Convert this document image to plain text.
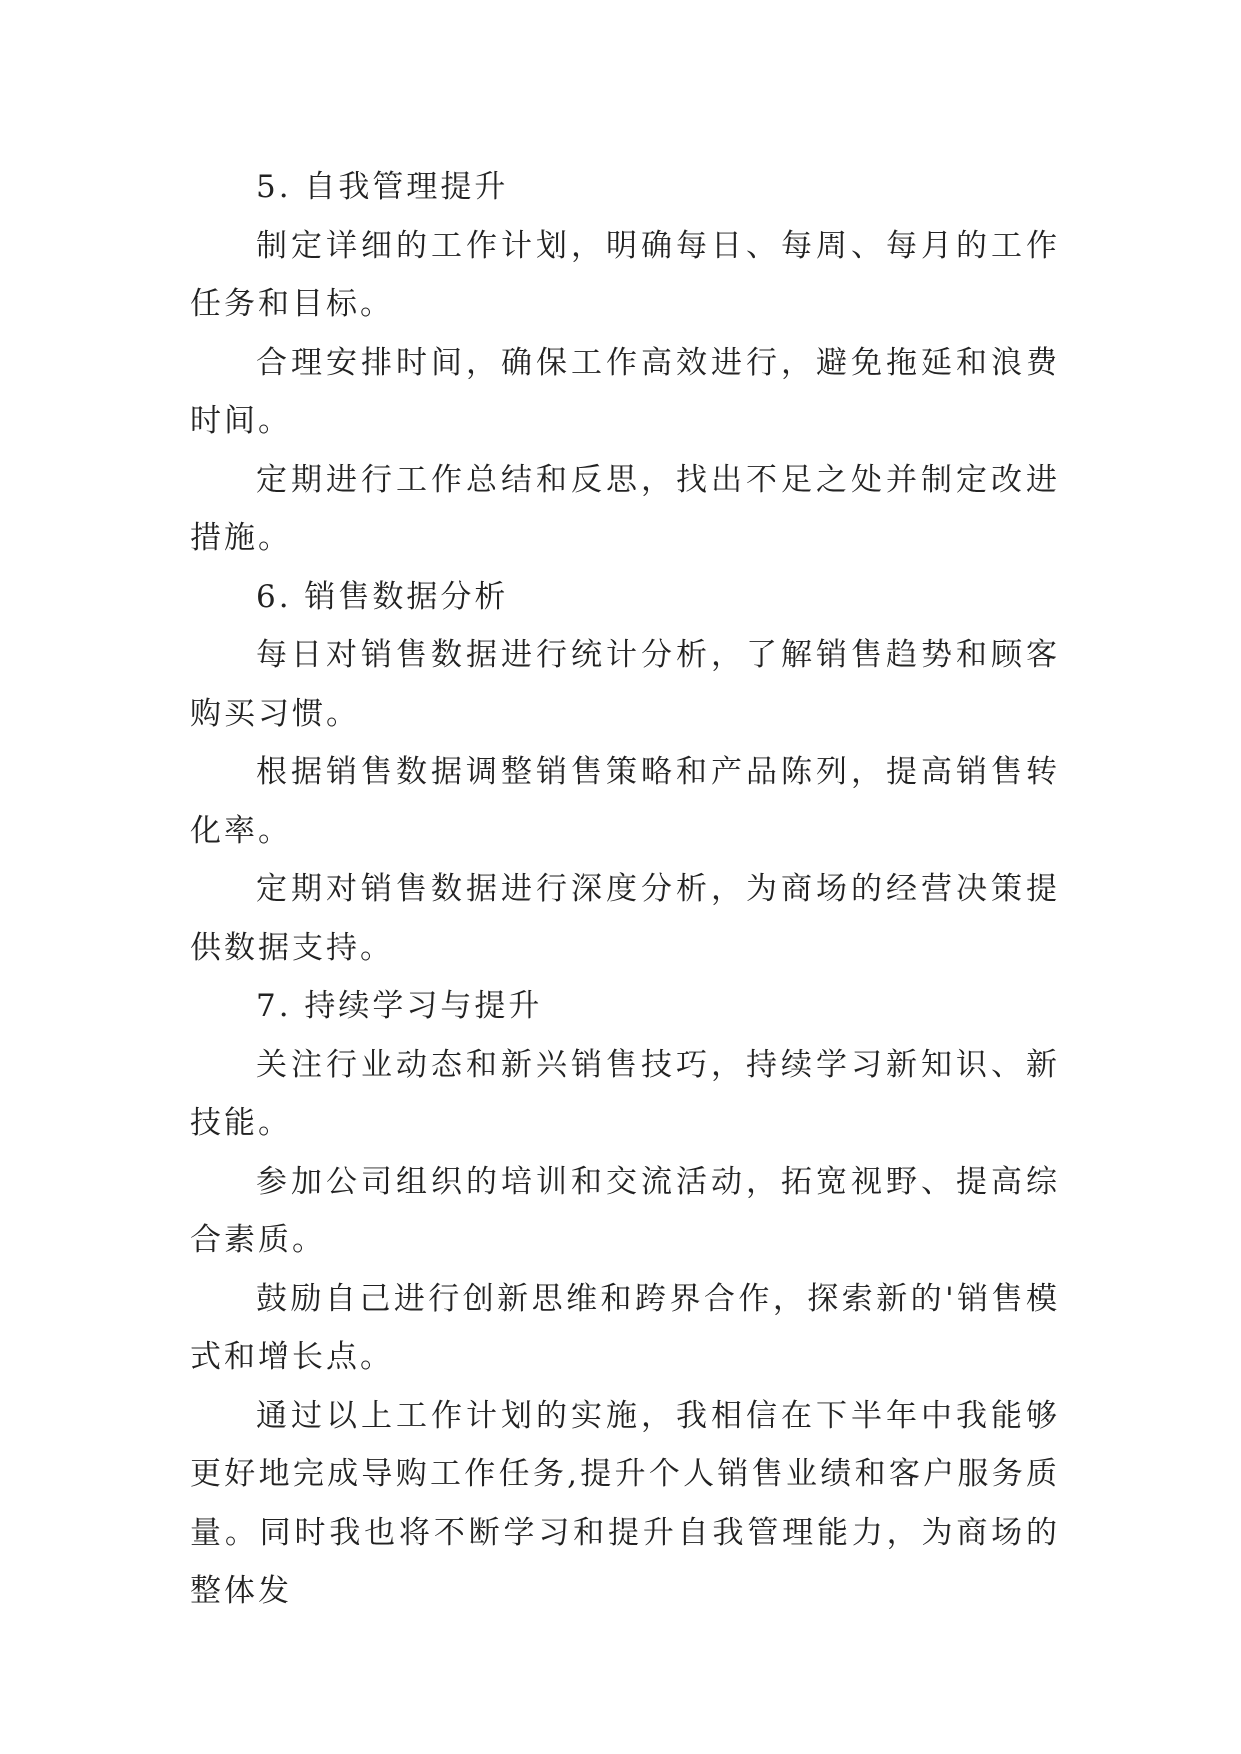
5. 自我管理提升

制定详细的工作计划，明确每日、每周、每月的工作任务和目标。

合理安排时间，确保工作高效进行，避免拖延和浪费时间。

定期进行工作总结和反思，找出不足之处并制定改进措施。

6. 销售数据分析

每日对销售数据进行统计分析，了解销售趋势和顾客购买习惯。

根据销售数据调整销售策略和产品陈列，提高销售转化率。

定期对销售数据进行深度分析，为商场的经营决策提供数据支持。

7. 持续学习与提升

关注行业动态和新兴销售技巧，持续学习新知识、新技能。

参加公司组织的培训和交流活动，拓宽视野、提高综合素质。

鼓励自己进行创新思维和跨界合作，探索新的'销售模式和增长点。

通过以上工作计划的实施，我相信在下半年中我能够更好地完成导购工作任务,提升个人销售业绩和客户服务质量。同时我也将不断学习和提升自我管理能力，为商场的整体发
